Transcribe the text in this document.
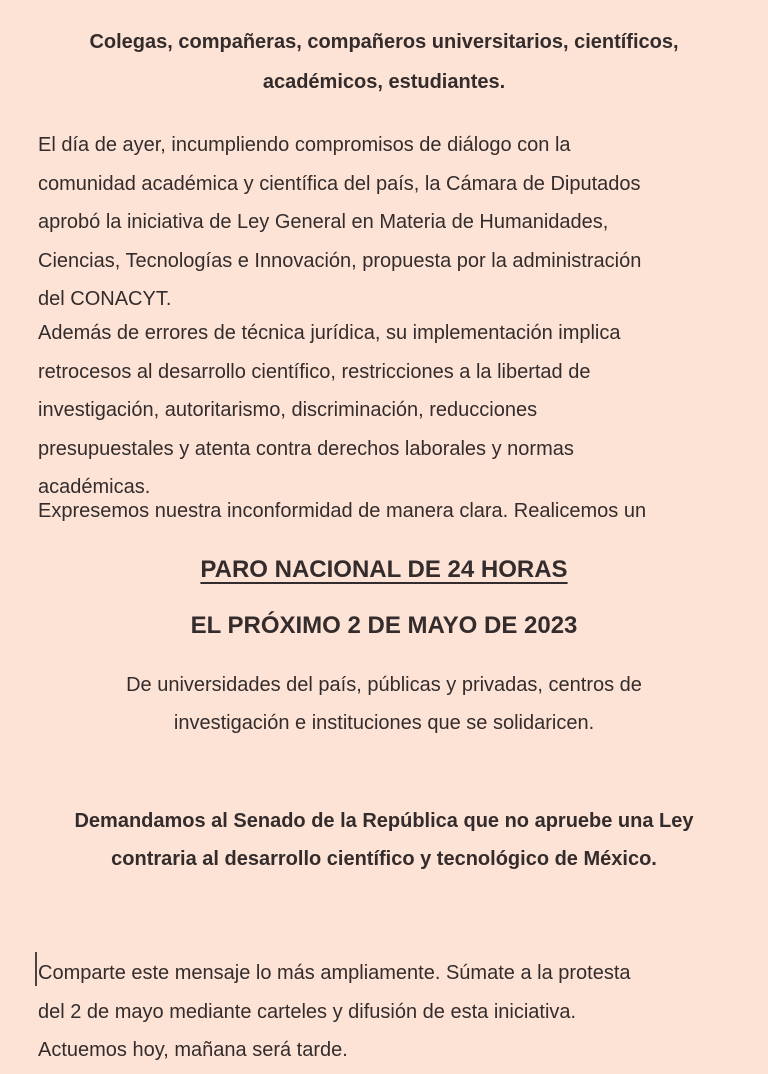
Colegas, compañeras, compañeros universitarios, científicos, académicos, estudiantes.

El día de ayer, incumpliendo compromisos de diálogo con la comunidad académica y científica del país, la Cámara de Diputados aprobó la iniciativa de Ley General en Materia de Humanidades, Ciencias, Tecnologías e Innovación, propuesta por la administración del CONACYT.

Además de errores de técnica jurídica, su implementación implica retrocesos al desarrollo científico, restricciones a la libertad de investigación, autoritarismo, discriminación, reducciones presupuestales y atenta contra derechos laborales y normas académicas.

Expresemos nuestra inconformidad de manera clara. Realicemos un

PARO NACIONAL DE 24 HORAS
EL PRÓXIMO 2 DE MAYO DE 2023
De universidades del país, públicas y privadas, centros de investigación e instituciones que se solidaricen.
Demandamos al Senado de la República que no apruebe una Ley contraria al desarrollo científico y tecnológico de México.

Comparte este mensaje lo más ampliamente. Súmate a la protesta del 2 de mayo mediante carteles y difusión de esta iniciativa. Actuemos hoy, mañana será tarde.
